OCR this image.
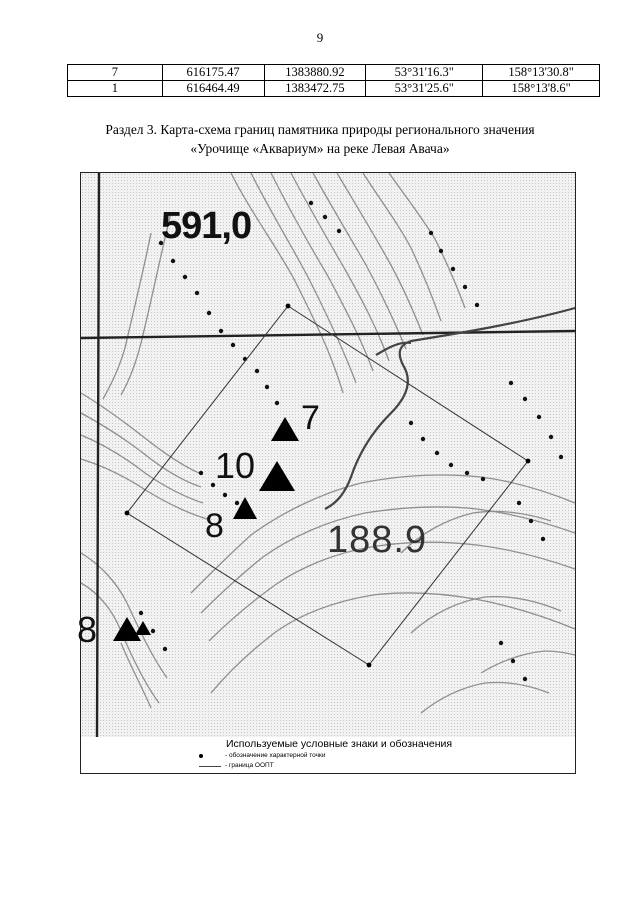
9
7	616175.47	1383880.92	53°31'16.3"	158°13'30.8"
1	616464.49	1383472.75	53°31'25.6"	158°13'8.6"
Раздел 3. Карта-схема границ памятника природы регионального значения
«Урочище «Аквариум» на реке Левая Авача»
591,0
7
10
8	188.9
8
Используемые условные знаки и обозначения
- обозначение характерной точки
- граница ООПТ
